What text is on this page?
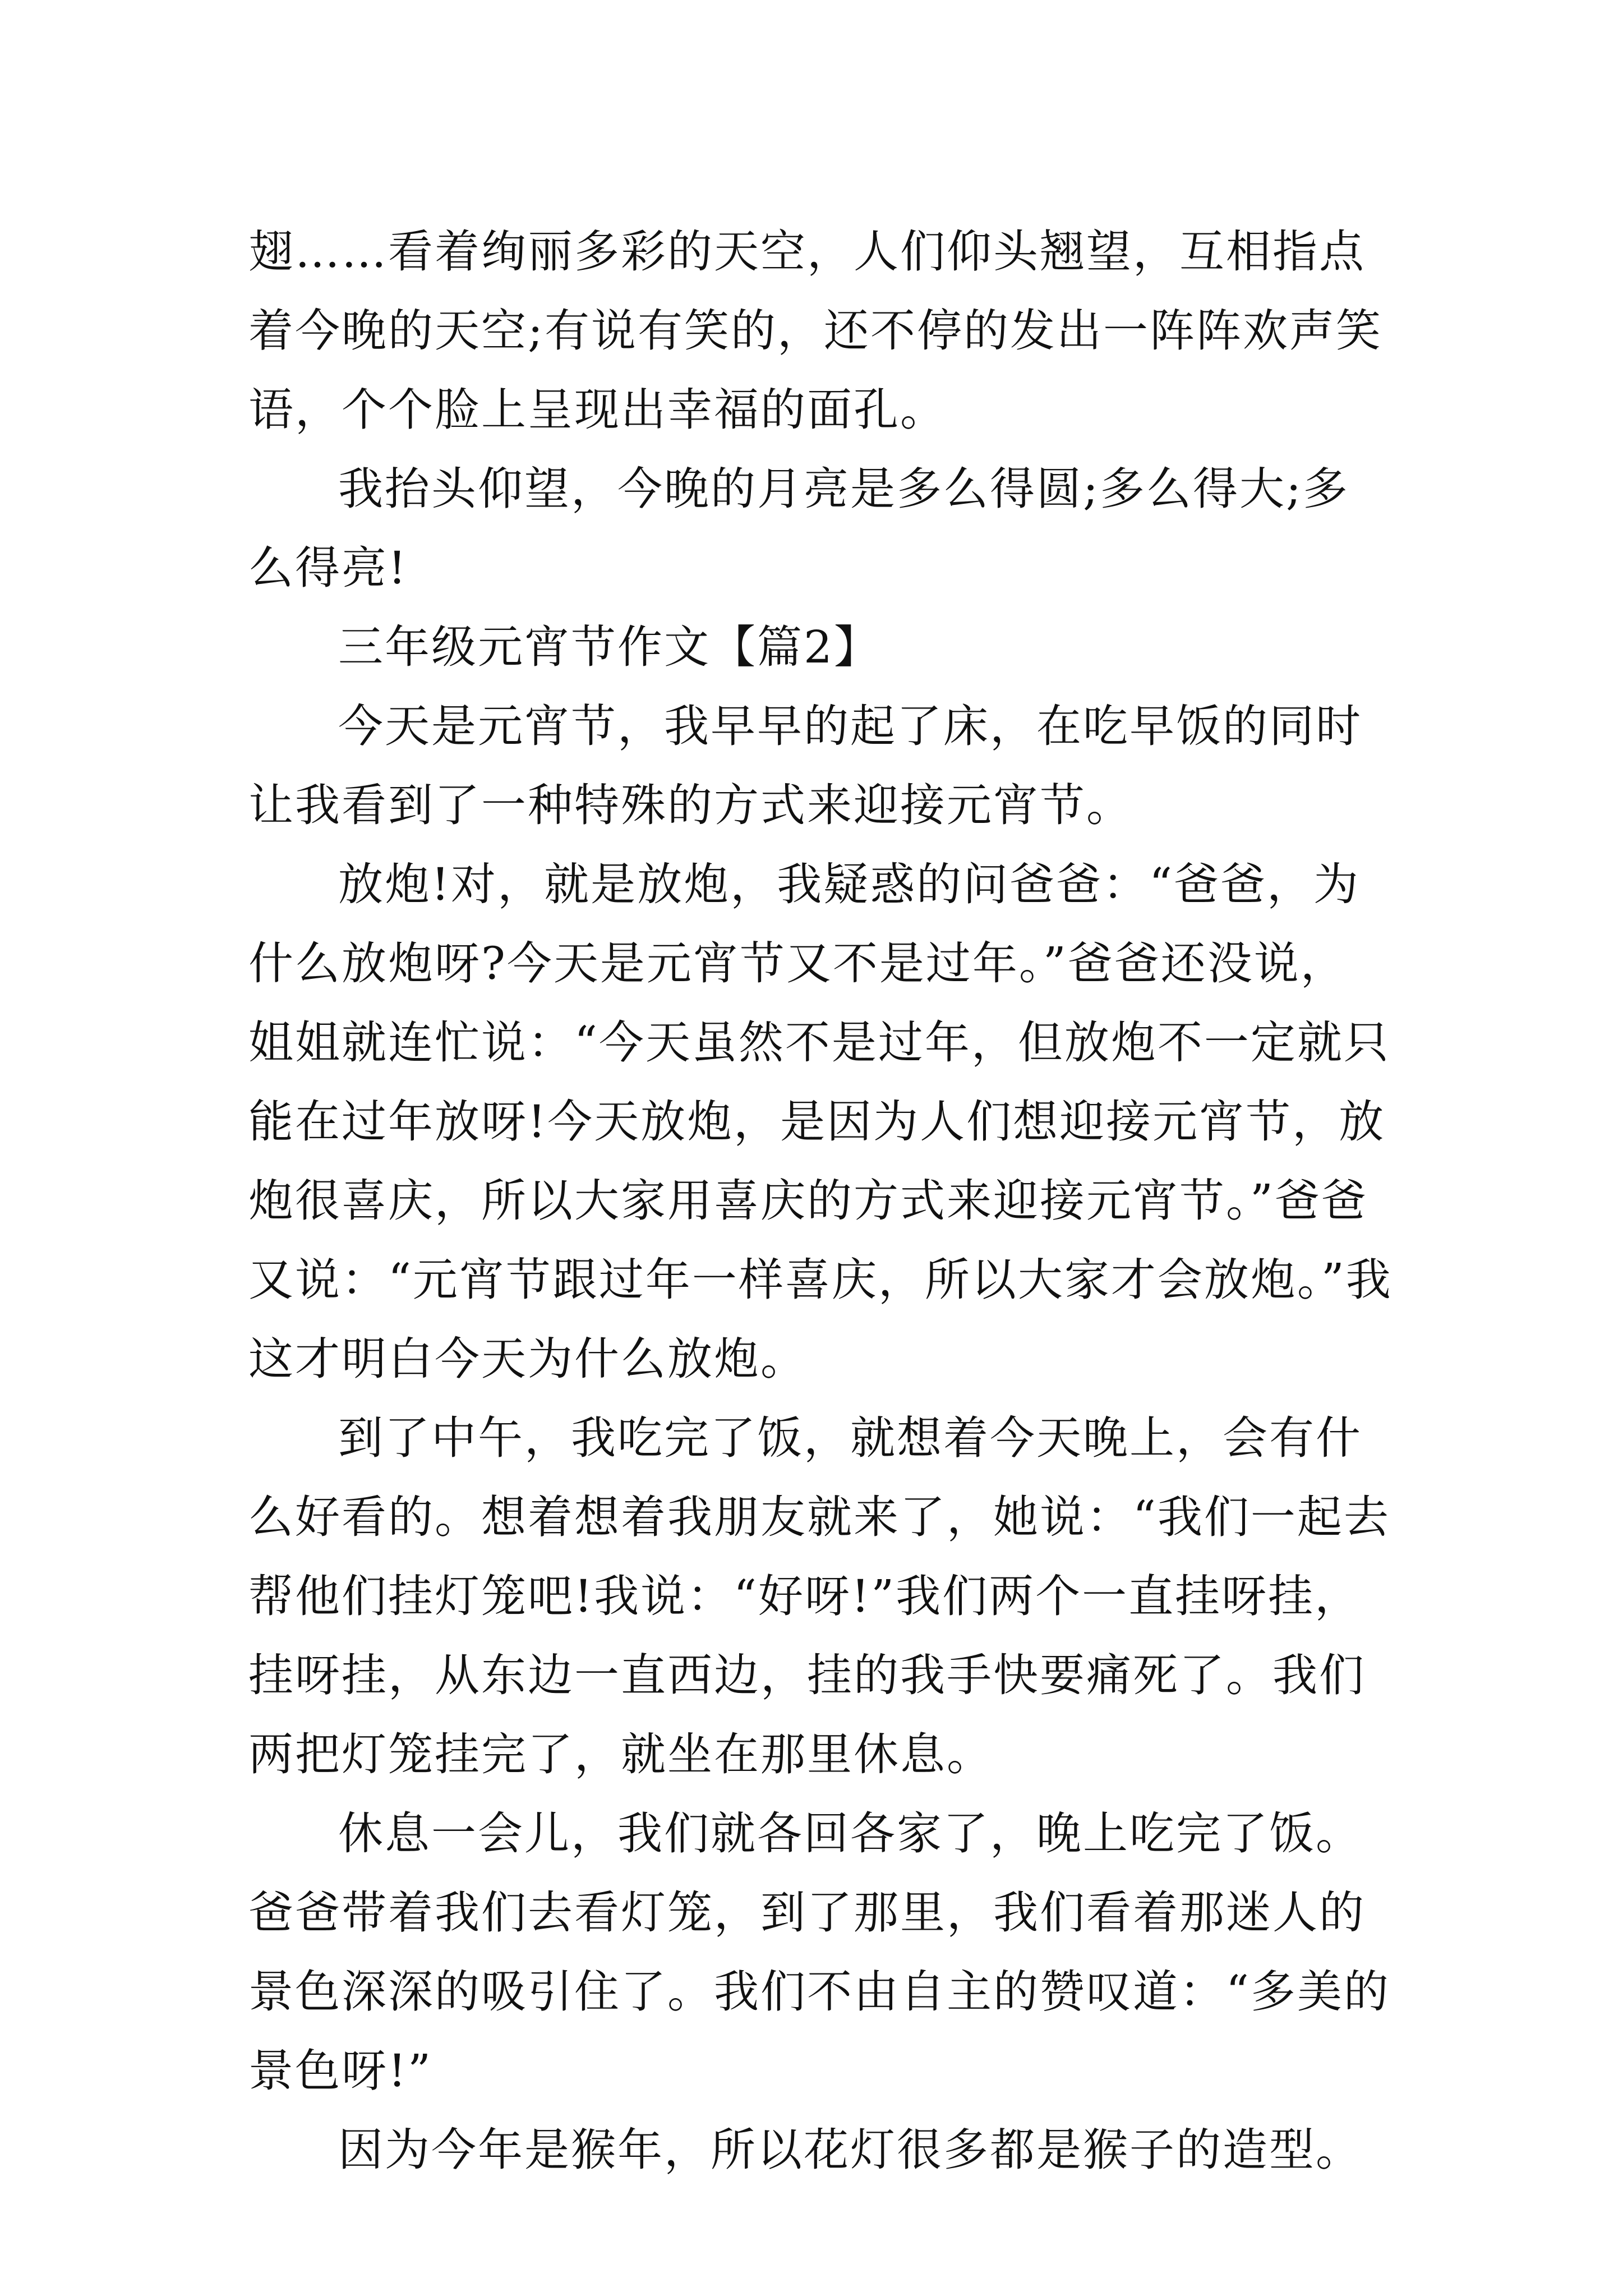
翅……看着绚丽多彩的天空，人们仰头翘望，互相指点着今晚的天空;有说有笑的，还不停的发出一阵阵欢声笑语，个个脸上呈现出幸福的面孔。

我抬头仰望，今晚的月亮是多么得圆;多么得大;多么得亮!

三年级元宵节作文【篇2】

今天是元宵节，我早早的起了床，在吃早饭的同时让我看到了一种特殊的方式来迎接元宵节。

放炮!对，就是放炮，我疑惑的问爸爸：“爸爸，为什么放炮呀?今天是元宵节又不是过年。”爸爸还没说，姐姐就连忙说：“今天虽然不是过年，但放炮不一定就只能在过年放呀!今天放炮，是因为人们想迎接元宵节，放炮很喜庆，所以大家用喜庆的方式来迎接元宵节。”爸爸又说：“元宵节跟过年一样喜庆，所以大家才会放炮。”我这才明白今天为什么放炮。

到了中午，我吃完了饭，就想着今天晚上，会有什么好看的。想着想着我朋友就来了，她说：“我们一起去帮他们挂灯笼吧!我说：“好呀!”我们两个一直挂呀挂，挂呀挂，从东边一直西边，挂的我手快要痛死了。我们两把灯笼挂完了，就坐在那里休息。

休息一会儿，我们就各回各家了，晚上吃完了饭。爸爸带着我们去看灯笼，到了那里，我们看着那迷人的景色深深的吸引住了。我们不由自主的赞叹道：“多美的景色呀!”

因为今年是猴年，所以花灯很多都是猴子的造型。
